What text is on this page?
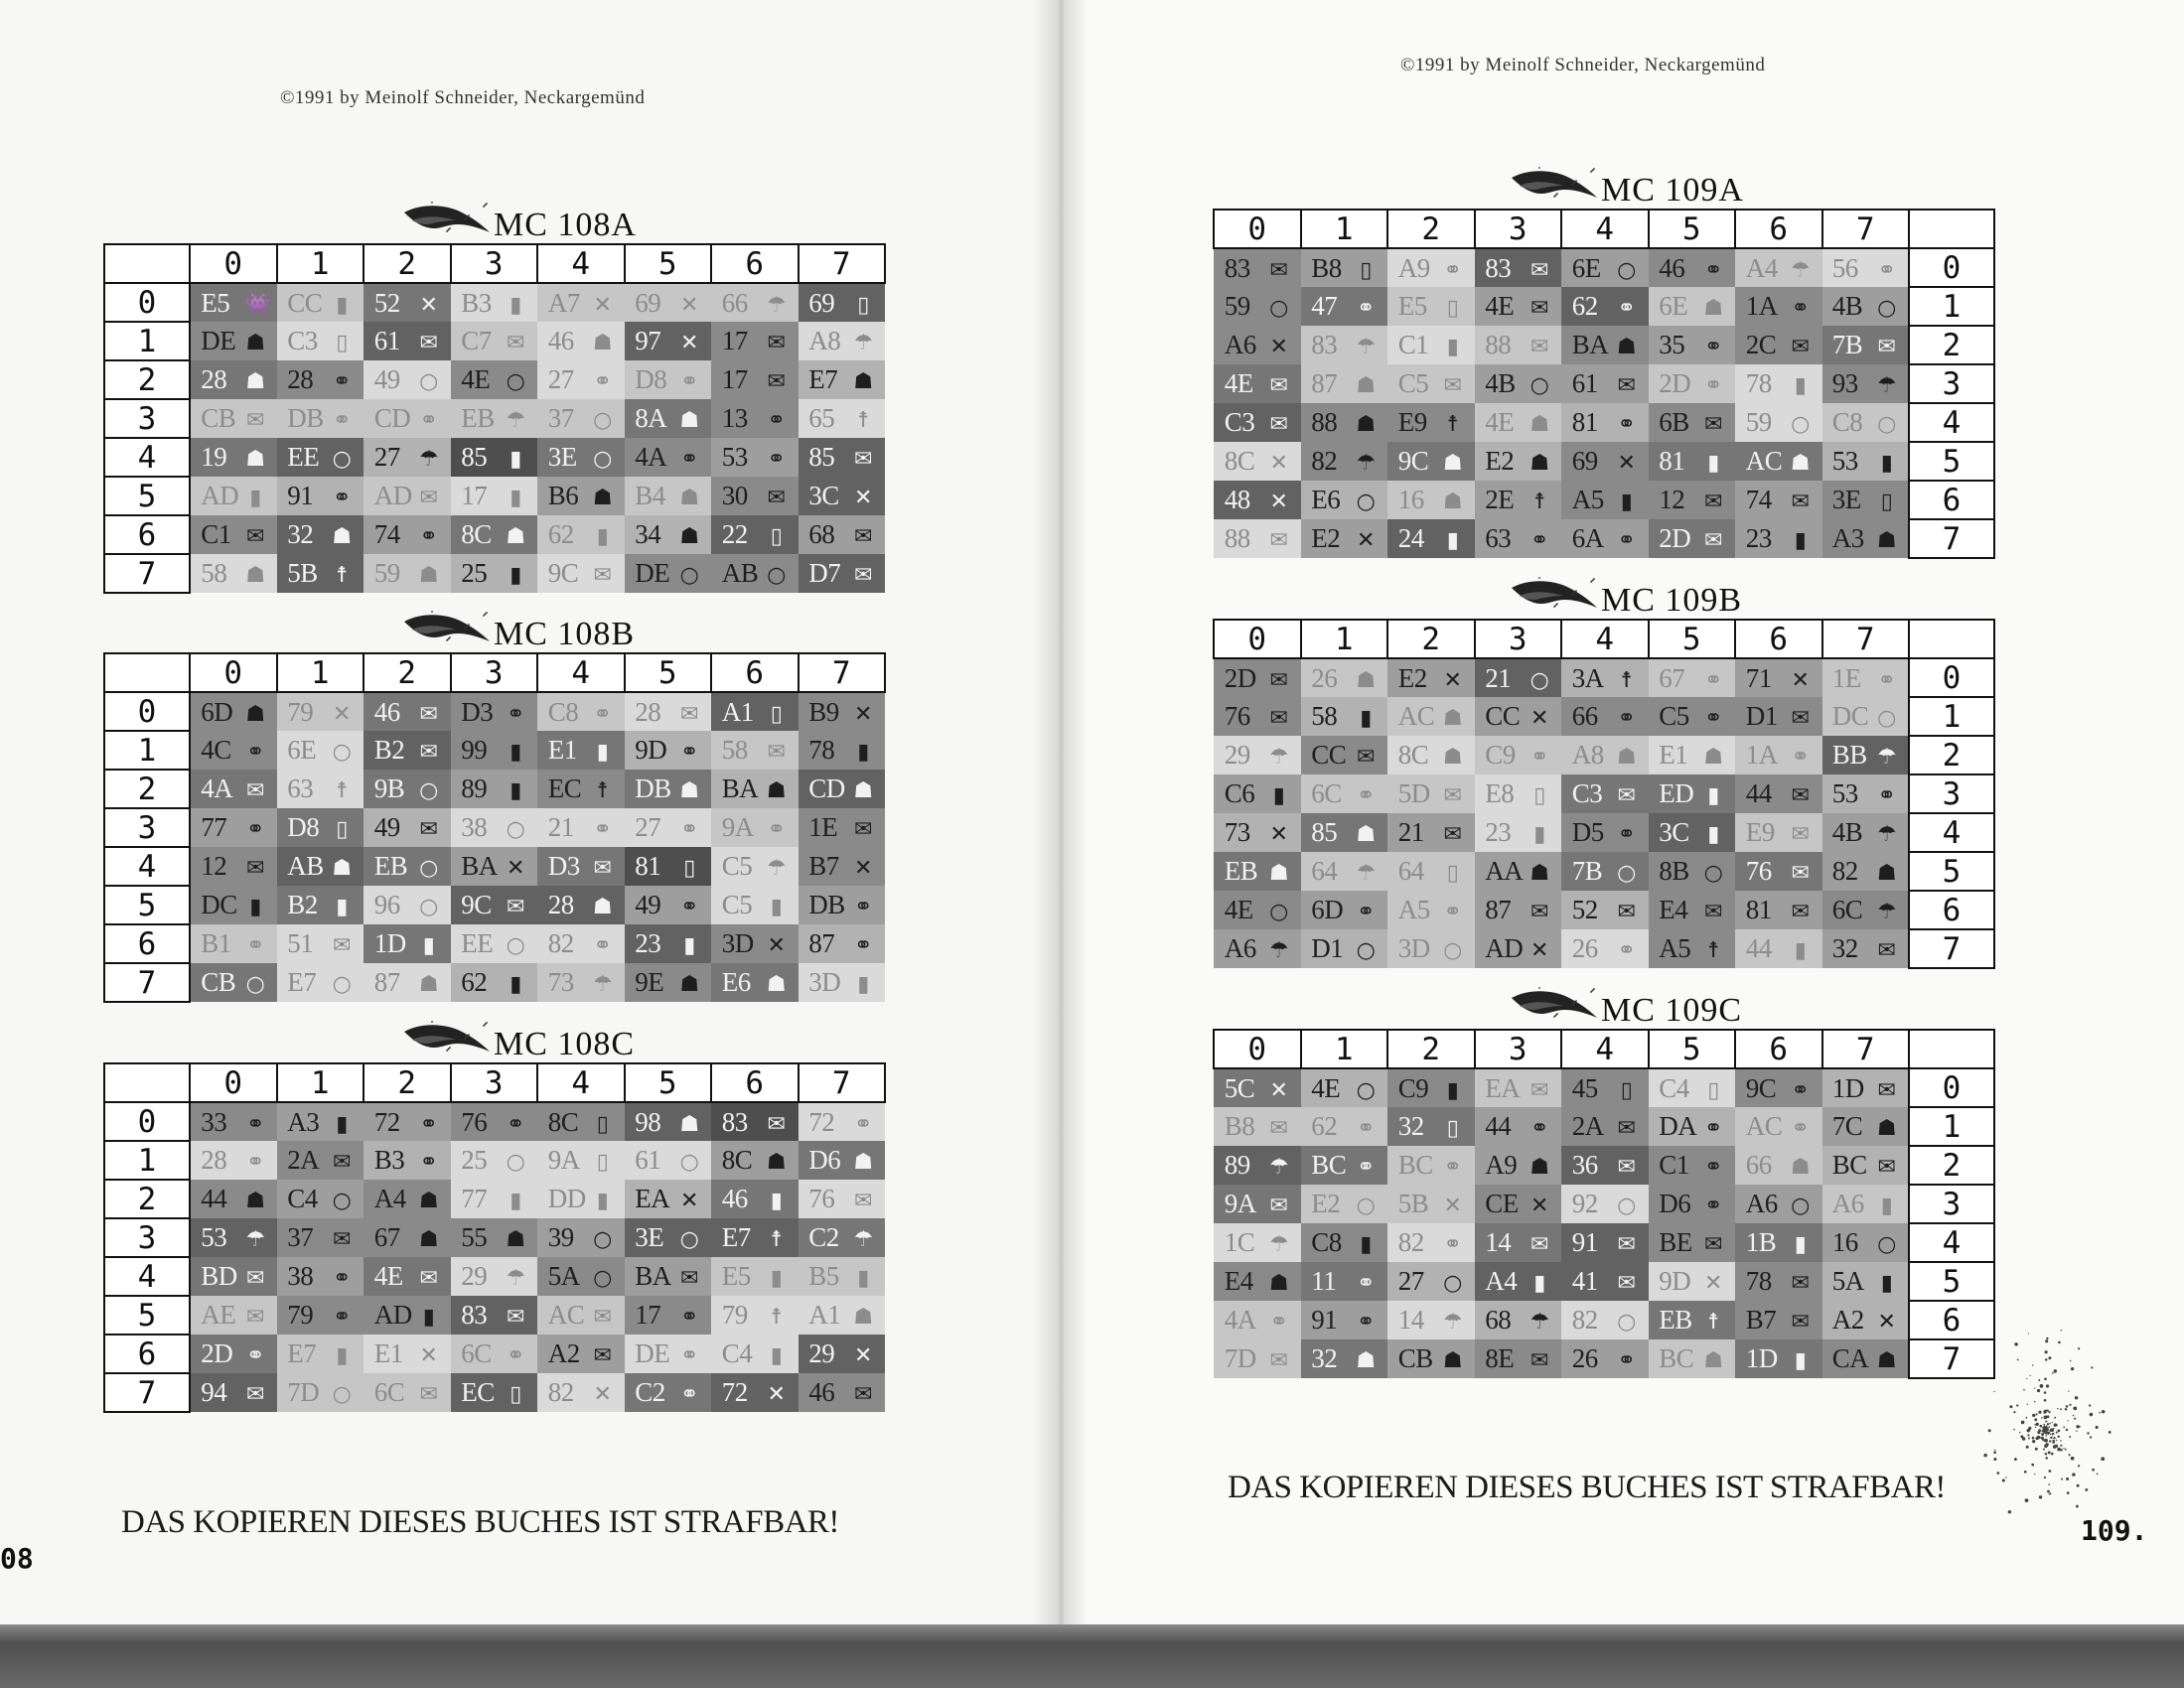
©1991 by Meinolf Schneider, Neckargemünd
©1991 by Meinolf Schneider, Neckargemünd
DAS KOPIEREN DIESES BUCHES IST STRAFBAR!
DAS KOPIEREN DIESES BUCHES IST STRAFBAR!
08
109.
MC 108A
	0	1	2	3	4	5	6	7
0	E5 👾	CC ▮	52 ✕	B3 ▮	A7 ✕	69 ✕	66 ☂	69 ▯
1	DE ☗	C3 ▯	61 ✉	C7 ✉	46 ☗	97 ✕	17 ✉	A8 ☂
2	28 ☗	28 ⚭	49 ○	4E ○	27 ⚭	D8 ⚭	17 ✉	E7 ☗
3	CB ✉	DB ⚭	CD ⚭	EB ☂	37 ○	8A ☗	13 ⚭	65 ☨
4	19 ☗	EE ○	27 ☂	85 ▮	3E ○	4A ⚭	53 ⚭	85 ✉
5	AD ▮	91 ⚭	AD ✉	17 ▮	B6 ☗	B4 ☗	30 ✉	3C ✕
6	C1 ✉	32 ☗	74 ⚭	8C ☗	62 ▮	34 ☗	22 ▯	68 ✉
7	58 ☗	5B ☨	59 ☗	25 ▮	9C ✉	DE ○	AB ○	D7 ✉
MC 108B
	0	1	2	3	4	5	6	7
0	6D ☗	79 ✕	46 ✉	D3 ⚭	C8 ⚭	28 ✉	A1 ▯	B9 ✕
1	4C ⚭	6E ○	B2 ✉	99 ▮	E1 ▮	9D ⚭	58 ✉	78 ▮
2	4A ✉	63 ☨	9B ○	89 ▮	EC ☨	DB ☗	BA ☗	CD ☗
3	77 ⚭	D8 ▯	49 ✉	38 ○	21 ⚭	27 ⚭	9A ⚭	1E ✉
4	12 ✉	AB ☗	EB ○	BA ✕	D3 ✉	81 ▯	C5 ☂	B7 ✕
5	DC ▮	B2 ▮	96 ○	9C ✉	28 ☗	49 ⚭	C5 ▮	DB ⚭
6	B1 ⚭	51 ✉	1D ▮	EE ○	82 ⚭	23 ▮	3D ✕	87 ⚭
7	CB ○	E7 ○	87 ☗	62 ▮	73 ☂	9E ☗	E6 ☗	3D ▮
MC 108C
	0	1	2	3	4	5	6	7
0	33 ⚭	A3 ▮	72 ⚭	76 ⚭	8C ▯	98 ☗	83 ✉	72 ⚭
1	28 ⚭	2A ✉	B3 ⚭	25 ○	9A ▯	61 ○	8C ☗	D6 ☗
2	44 ☗	C4 ○	A4 ☗	77 ▮	DD ▮	EA ✕	46 ▮	76 ✉
3	53 ☂	37 ✉	67 ☗	55 ☗	39 ○	3E ○	E7 ☨	C2 ☂
4	BD ✉	38 ⚭	4E ✉	29 ☂	5A ○	BA ✉	E5 ▮	B5 ▮
5	AE ✉	79 ⚭	AD ▮	83 ✉	AC ✉	17 ⚭	79 ☨	A1 ☗
6	2D ⚭	E7 ▮	E1 ✕	6C ⚭	A2 ✉	DE ⚭	C4 ▮	29 ✕
7	94 ✉	7D ○	6C ✉	EC ▯	82 ✕	C2 ⚭	72 ✕	46 ✉
MC 109A
0	1	2	3	4	5	6	7	
83 ✉	B8 ▯	A9 ⚭	83 ✉	6E ○	46 ⚭	A4 ☂	56 ⚭	0
59 ○	47 ⚭	E5 ▯	4E ✉	62 ⚭	6E ☗	1A ⚭	4B ○	1
A6 ✕	83 ☂	C1 ▮	88 ✉	BA ☗	35 ⚭	2C ✉	7B ✉	2
4E ✉	87 ☗	C5 ✉	4B ○	61 ✉	2D ⚭	78 ▮	93 ☂	3
C3 ✉	88 ☗	E9 ☨	4E ☗	81 ⚭	6B ✉	59 ○	C8 ○	4
8C ✕	82 ☂	9C ☗	E2 ☗	69 ✕	81 ▮	AC ☗	53 ▮	5
48 ✕	E6 ○	16 ☗	2E ☨	A5 ▮	12 ✉	74 ✉	3E ▯	6
88 ✉	E2 ✕	24 ▮	63 ⚭	6A ⚭	2D ✉	23 ▮	A3 ☗	7
MC 109B
0	1	2	3	4	5	6	7	
2D ✉	26 ☗	E2 ✕	21 ○	3A ☨	67 ⚭	71 ✕	1E ⚭	0
76 ✉	58 ▮	AC ☗	CC ✕	66 ⚭	C5 ⚭	D1 ✉	DC ○	1
29 ☂	CC ✉	8C ☗	C9 ⚭	A8 ☗	E1 ☗	1A ⚭	BB ☂	2
C6 ▮	6C ⚭	5D ✉	E8 ▯	C3 ✉	ED ▮	44 ✉	53 ⚭	3
73 ✕	85 ☗	21 ✉	23 ▮	D5 ⚭	3C ▮	E9 ✉	4B ☂	4
EB ☗	64 ☂	64 ▯	AA ☗	7B ○	8B ○	76 ✉	82 ☗	5
4E ○	6D ⚭	A5 ⚭	87 ✉	52 ✉	E4 ✉	81 ✉	6C ☂	6
A6 ☂	D1 ○	3D ○	AD ✕	26 ⚭	A5 ☨	44 ▮	32 ✉	7
MC 109C
0	1	2	3	4	5	6	7	
5C ✕	4E ○	C9 ▮	EA ✉	45 ▯	C4 ▯	9C ⚭	1D ✉	0
B8 ✉	62 ⚭	32 ▯	44 ⚭	2A ✉	DA ⚭	AC ⚭	7C ☗	1
89 ☂	BC ⚭	BC ⚭	A9 ☗	36 ✉	C1 ⚭	66 ☗	BC ✉	2
9A ✉	E2 ○	5B ✕	CE ✕	92 ○	D6 ⚭	A6 ○	A6 ▮	3
1C ☂	C8 ▮	82 ⚭	14 ✉	91 ✉	BE ✉	1B ▮	16 ○	4
E4 ☗	11 ⚭	27 ○	A4 ▮	41 ✉	9D ✕	78 ✉	5A ▮	5
4A ⚭	91 ⚭	14 ☂	68 ☂	82 ○	EB ☨	B7 ✉	A2 ✕	6
7D ✉	32 ☗	CB ☗	8E ✉	26 ⚭	BC ☗	1D ▮	CA ☗	7
